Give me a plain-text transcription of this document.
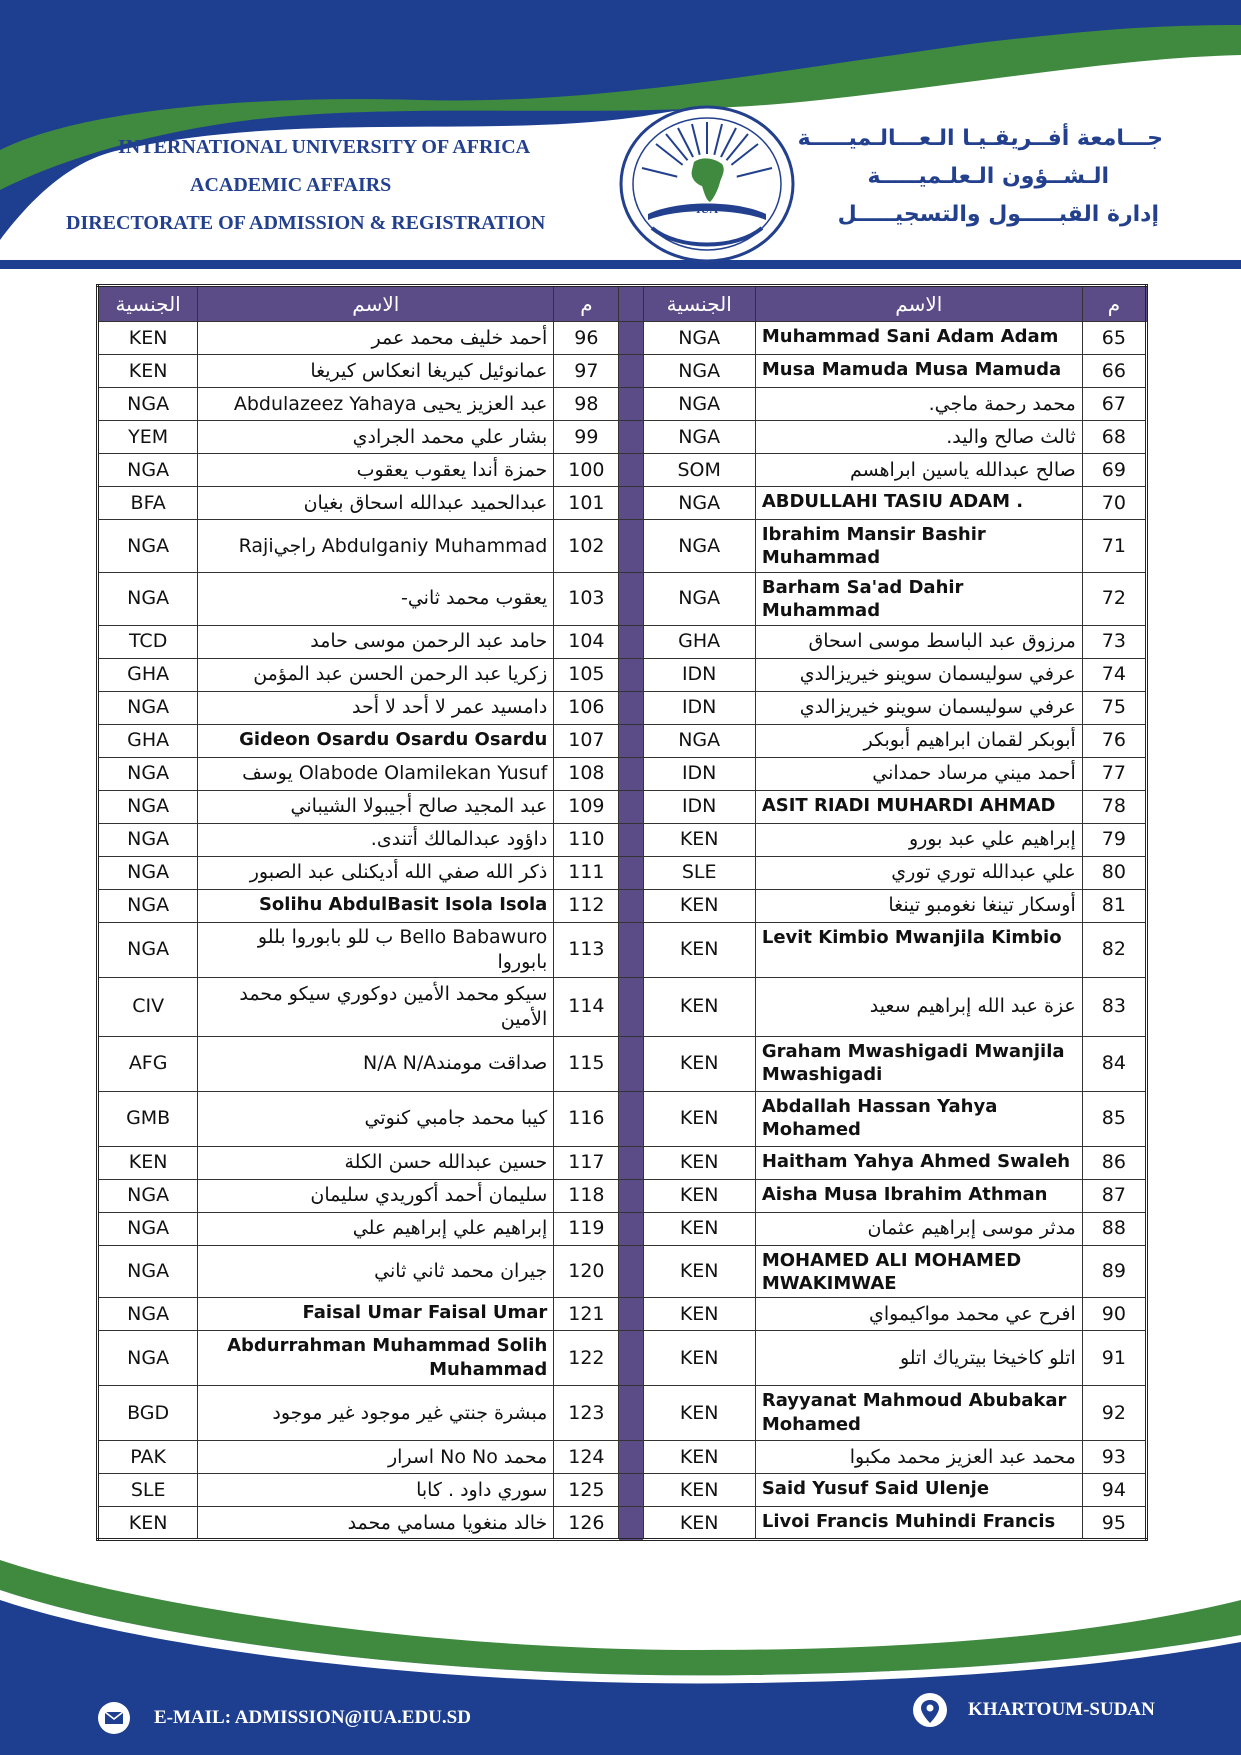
INTERNATIONAL UNIVERSITY OF AFRICA
ACADEMIC AFFAIRS
DIRECTORATE OF ADMISSION & REGISTRATION
جـــامعة أفــريقـيـا الـعـــالـميـــــة
الـشــؤون الـعلـميـــــة
إدارة القبـــــول والتسجيـــــل
IUA
الجنسية	الاسم	م		الجنسية	الاسم	م
KEN	أحمد خليف محمد عمر	96		NGA	Muhammad Sani Adam Adam	65
KEN	عمانوئيل كيريغا انعكاس كيريغا	97		NGA	Musa Mamuda Musa Mamuda	66
NGA	عبد العزيز يحيى Abdulazeez Yahaya	98		NGA	محمد رحمة ماجي.	67
YEM	بشار علي محمد الجرادي	99		NGA	ثالث صالح واليد.	68
NGA	حمزة أندا يعقوب يعقوب	100		SOM	صالح عبدالله ياسين ابراهسم	69
BFA	عبدالحميد عبدالله اسحاق بغيان	101		NGA	ABDULLAHI TASIU ADAM .	70
NGA	Abdulganiy Muhammad راجيRaji	102		NGA	Ibrahim Mansir Bashir Muhammad	71
NGA	يعقوب محمد ثاني-	103		NGA	Barham Sa'ad Dahir Muhammad	72
TCD	حامد عبد الرحمن موسى حامد	104		GHA	مرزوق عبد الباسط موسى اسحاق	73
GHA	زكريا عبد الرحمن الحسن عبد المؤمن	105		IDN	عرفي سوليسمان سوينو خيريزالدي	74
NGA	دامسيد عمر لا أحد لا أحد	106		IDN	عرفي سوليسمان سوينو خيريزالدي	75
GHA	Gideon Osardu Osardu Osardu	107		NGA	أبوبكر لقمان ابراهيم أبوبكر	76
NGA	Olabode Olamilekan Yusuf يوسف	108		IDN	أحمد ميني مرساد حمداني	77
NGA	عبد المجيد صالح أجيبولا الشيباني	109		IDN	ASIT RIADI MUHARDI AHMAD	78
NGA	داؤود عبدالمالك أتندى.	110		KEN	إبراهيم علي عبد بورو	79
NGA	ذكر الله صفي الله أديكنلى عبد الصبور	111		SLE	علي عبدالله توري توري	80
NGA	Solihu AbdulBasit Isola Isola	112		KEN	أوسكار تينغا نغومبو تينغا	81
NGA	Bello Babawuro ب للو بابوروا بللو بابوروا	113		KEN	Levit Kimbio Mwanjila Kimbio	82
CIV	سيكو محمد الأمين دوكوري سيكو محمد الأمين	114		KEN	عزة عبد الله إبراهيم سعيد	83
AFG	صداقت مومندN/A N/A	115		KEN	Graham Mwashigadi Mwanjila Mwashigadi	84
GMB	كيبا محمد جامبي كنوتي	116		KEN	Abdallah Hassan Yahya Mohamed	85
KEN	حسين عبدالله حسن الكلة	117		KEN	Haitham Yahya Ahmed Swaleh	86
NGA	سليمان أحمد أكوريدي سليمان	118		KEN	Aisha Musa Ibrahim Athman	87
NGA	إبراهيم علي إبراهيم علي	119		KEN	مدثر موسى إبراهيم عثمان	88
NGA	جيران محمد ثاني ثاني	120		KEN	MOHAMED ALI MOHAMED MWAKIMWAE	89
NGA	Faisal Umar Faisal Umar	121		KEN	افرح عي محمد مواكيمواي	90
NGA	Abdurrahman Muhammad Solih Muhammad	122		KEN	اتلو كاخيخا بيترياك اتلو	91
BGD	مبشرة جنتي غير موجود غير موجود	123		KEN	Rayyanat Mahmoud Abubakar Mohamed	92
PAK	محمد No No اسرار	124		KEN	محمد عبد العزيز محمد مكبوا	93
SLE	سوري داود . كابا	125		KEN	Said Yusuf Said Ulenje	94
KEN	خالد منغويا مسامي محمد	126		KEN	Livoi Francis Muhindi Francis	95
E-MAIL: ADMISSION@IUA.EDU.SD	KHARTOUM-SUDAN
